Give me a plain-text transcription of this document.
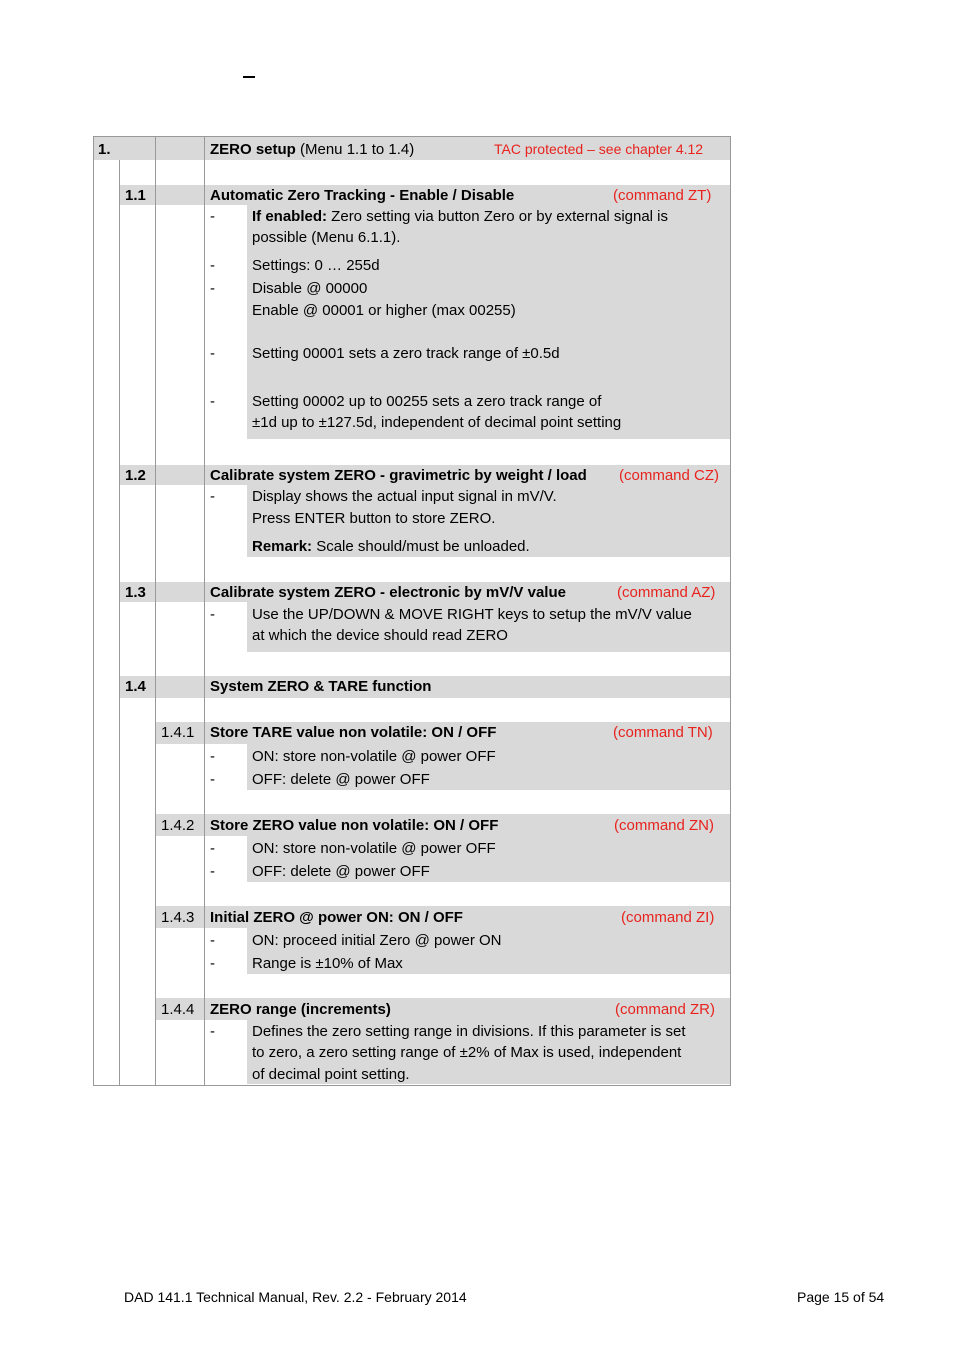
1.	ZERO setup (Menu 1.1 to 1.4)	TAC protected – see chapter 4.12
1.1	Automatic Zero Tracking - Enable / Disable	(command ZT)
- If enabled: Zero setting via button Zero or by external signal is
possible (Menu 6.1.1).
- Settings: 0 … 255d
- Disable @ 00000
Enable @ 00001 or higher (max 00255)
- Setting 00001 sets a zero track range of ±0.5d
- Setting 00002 up to 00255 sets a zero track range of
±1d up to ±127.5d, independent of decimal point setting
1.2	Calibrate system ZERO - gravimetric by weight / load (command CZ)
- Display shows the actual input signal in mV/V.
Press ENTER button to store ZERO.
Remark: Scale should/must be unloaded.
1.3	Calibrate system ZERO - electronic by mV/V value	(command AZ)
- Use the UP/DOWN & MOVE RIGHT keys to setup the mV/V value
at which the device should read ZERO
1.4	System ZERO & TARE function
1.4.1 Store TARE value non volatile: ON / OFF	(command TN)
- ON: store non-volatile @ power OFF
- OFF: delete @ power OFF
1.4.2 Store ZERO value non volatile: ON / OFF	(command ZN)
- ON: store non-volatile @ power OFF
- OFF: delete @ power OFF
1.4.3 Initial ZERO @ power ON: ON / OFF	(command ZI)
- ON: proceed initial Zero @ power ON
- Range is ±10% of Max
1.4.4 ZERO range (increments)	(command ZR)
- Defines the zero setting range in divisions. If this parameter is set
to zero, a zero setting range of ±2% of Max is used, independent
of decimal point setting.
DAD 141.1 Technical Manual, Rev. 2.2 - February 2014	Page 15 of 54
